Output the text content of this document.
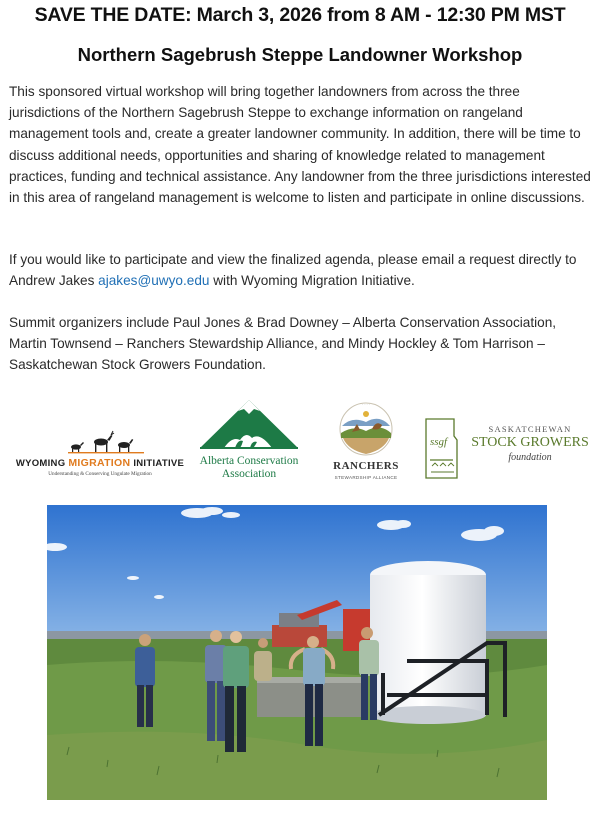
SAVE THE DATE: March 3, 2026 from 8 AM - 12:30 PM MST
Northern Sagebrush Steppe Landowner Workshop
This sponsored virtual workshop will bring together landowners from across the three jurisdictions of the Northern Sagebrush Steppe to exchange information on rangeland management tools and, create a greater landowner community. In addition, there will be time to discuss additional needs, opportunities and sharing of knowledge related to management practices, funding and technical assistance. Any landowner from the three jurisdictions interested in this area of rangeland management is welcome to listen and participate in online discussions.
If you would like to participate and view the finalized agenda, please email a request directly to Andrew Jakes ajakes@uwyo.edu with Wyoming Migration Initiative.
Summit organizers include Paul Jones & Brad Downey – Alberta Conservation Association, Martin Townsend – Ranchers Stewardship Alliance, and Mindy Hockley & Tom Harrison – Saskatchewan Stock Growers Foundation.
WYOMING MIGRATION INITIATIVE
Understanding & Conserving Ungulate Migration
Alberta Conservation
Association
· · · ·
RANCHERS
STEWARDSHIP ALLIANCE
ssgf
SASKATCHEWAN
STOCK GROWERS
foundation
